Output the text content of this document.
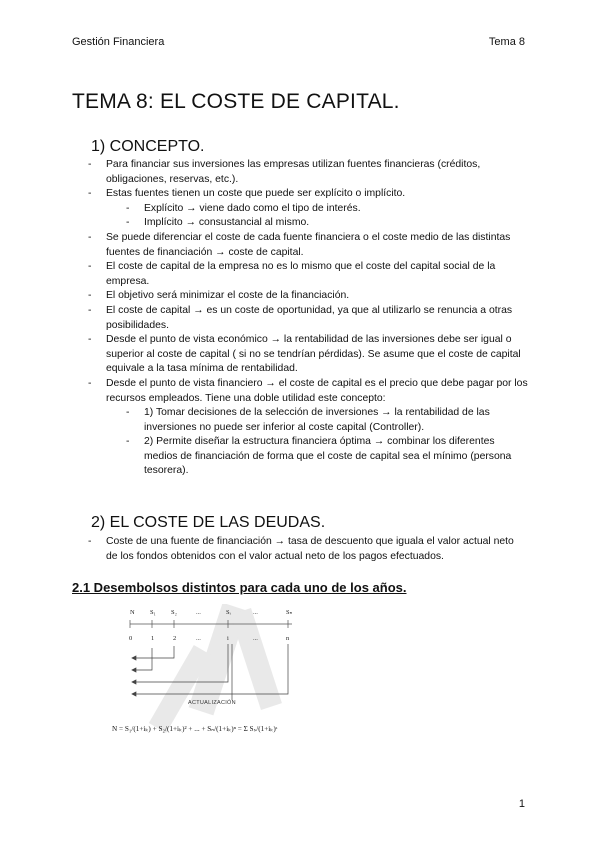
Gestión Financiera	Tema 8
TEMA 8: EL COSTE DE CAPITAL.
1) CONCEPTO.
- Para financiar sus inversiones las empresas utilizan fuentes financieras (créditos, obligaciones, reservas, etc.).
- Estas fuentes tienen un coste que puede ser explícito o implícito.
- Explícito → viene dado como el tipo de interés.
- Implícito → consustancial al mismo.
- Se puede diferenciar el coste de cada fuente financiera o el coste medio de las distintas fuentes de financiación → coste de capital.
- El coste de capital de la empresa no es lo mismo que el coste del capital social de la empresa.
- El objetivo será minimizar el coste de la financiación.
- El coste de capital → es un coste de oportunidad, ya que al utilizarlo se renuncia a otras posibilidades.
- Desde el punto de vista económico → la rentabilidad de las inversiones debe ser igual o superior al coste de capital ( si no se tendrían pérdidas). Se asume que el coste de capital equivale a la tasa mínima de rentabilidad.
- Desde el punto de vista financiero → el coste de capital es el precio que debe pagar por los recursos empleados. Tiene una doble utilidad este concepto:
- 1) Tomar decisiones de la selección de inversiones → la rentabilidad de las inversiones no puede ser inferior al coste capital (Controller).
- 2) Permite diseñar la estructura financiera óptima → combinar los diferentes medios de financiación de forma que el coste de capital sea el mínimo (persona tesorera).
2) EL COSTE DE LAS DEUDAS.
- Coste de una fuente de financiación → tasa de descuento que iguala el valor actual neto de los fondos obtenidos con el valor actual neto de los pagos efectuados.
2.1 Desembolsos distintos para cada uno de los años.
N S₁ S₂	...	Sᵢ	...	Sₙ
0	1	2	...	i	...	n
ACTUALIZACIÓN
N = S₁/(1+iₖ) + S₂/(1+iₖ)² + ... + Sₙ/(1+iₖ)ⁿ = Σ Sₛ/(1+iₖ)ˢ
1
